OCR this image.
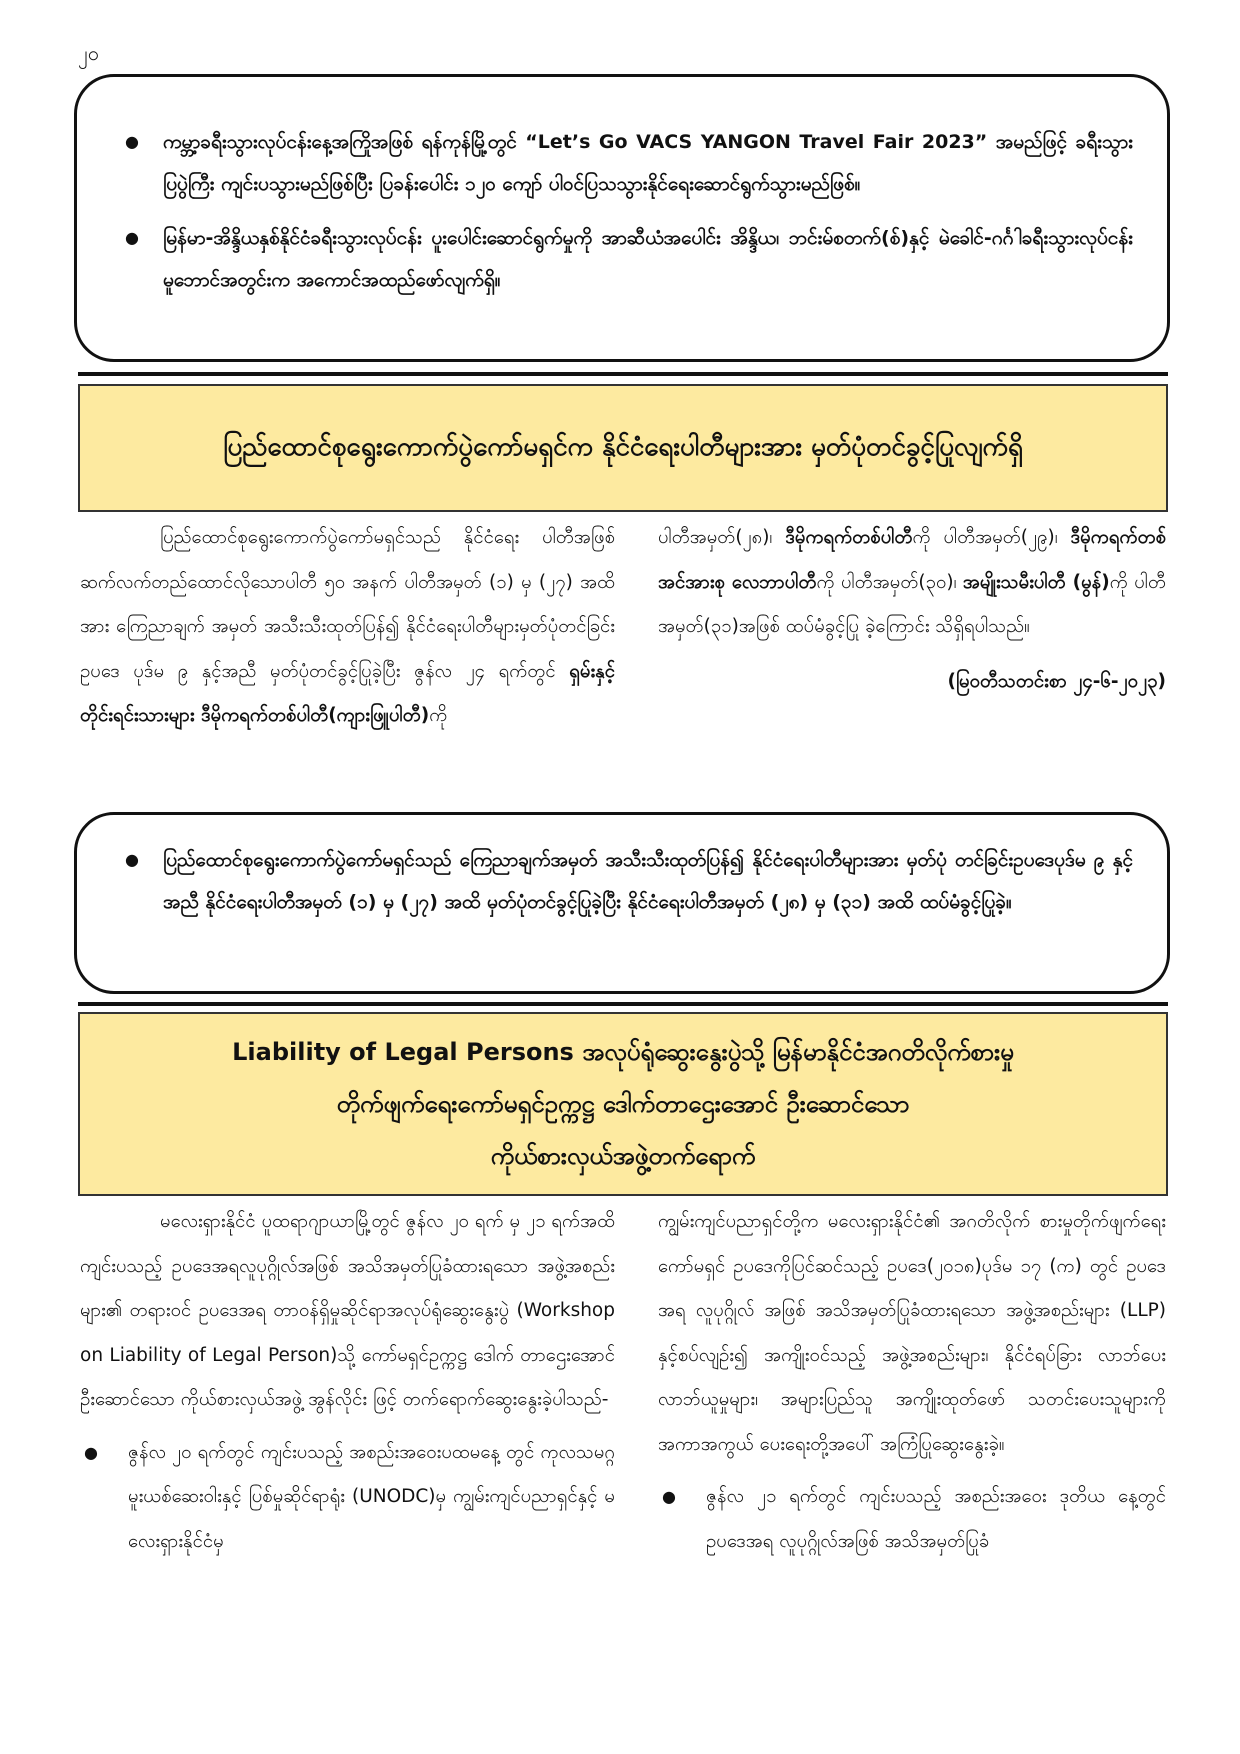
၂၀
● ကမ္ဘာ့ခရီးသွားလုပ်ငန်းနေ့အကြိုအဖြစ် ရန်ကုန်မြို့တွင် “Let’s Go VACS YANGON Travel Fair 2023” အမည်ဖြင့် ခရီးသွားပြပွဲကြီး ကျင်းပသွားမည်ဖြစ်ပြီး ပြခန်းပေါင်း ၁၂၀ ကျော် ပါဝင်ပြသသွားနိုင်ရေးဆောင်ရွက်သွားမည်ဖြစ်။
● မြန်မာ-အိန္ဒိယနှစ်နိုင်ငံခရီးသွားလုပ်ငန်း ပူးပေါင်းဆောင်ရွက်မှုကို အာဆီယံအပေါင်း အိန္ဒိယ၊ ဘင်းမ်စတက်(စ်)နှင့် မဲခေါင်-ဂင်္ဂါခရီးသွားလုပ်ငန်း မူဘောင်အတွင်းက အကောင်အထည်ဖော်လျက်ရှိ။
ပြည်ထောင်စုရွေးကောက်ပွဲကော်မရှင်က နိုင်ငံရေးပါတီများအား မှတ်ပုံတင်ခွင့်ပြုလျက်ရှိ

ပြည်ထောင်စုရွေးကောက်ပွဲကော်မရှင်သည် နိုင်ငံရေး ပါတီအဖြစ် ဆက်လက်တည်ထောင်လိုသောပါတီ ၅၀ အနက် ပါတီအမှတ် (၁) မှ (၂၇) အထိအား ကြေညာချက် အမှတ် အသီးသီးထုတ်ပြန်၍ နိုင်ငံရေးပါတီများမှတ်ပုံတင်ခြင်း ဥပဒေ ပုဒ်မ ၉ နှင့်အညီ မှတ်ပုံတင်ခွင့်ပြုခဲ့ပြီး ဇွန်လ ၂၄ ရက်တွင် ရှမ်းနှင့်တိုင်းရင်းသားများ ဒီမိုကရက်တစ်ပါတီ(ကျားဖြူပါတီ)ကို

ပါတီအမှတ်(၂၈)၊ ဒီမိုကရက်တစ်ပါတီကို ပါတီအမှတ်(၂၉)၊ ဒီမိုကရက်တစ်အင်အားစု လေဘာပါတီကို ပါတီအမှတ်(၃၀)၊ အမျိုးသမီးပါတီ (မွန်)ကို ပါတီအမှတ်(၃၁)အဖြစ် ထပ်မံခွင့်ပြု ခဲ့ကြောင်း သိရှိရပါသည်။

(မြဝတီသတင်းစာ ၂၄-၆-၂၀၂၃)

● ပြည်ထောင်စုရွေးကောက်ပွဲကော်မရှင်သည် ကြေညာချက်အမှတ် အသီးသီးထုတ်ပြန်၍ နိုင်ငံရေးပါတီများအား မှတ်ပုံ တင်ခြင်းဥပဒေပုဒ်မ ၉ နှင့်အညီ နိုင်ငံရေးပါတီအမှတ် (၁) မှ (၂၇) အထိ မှတ်ပုံတင်ခွင့်ပြုခဲ့ပြီး နိုင်ငံရေးပါတီအမှတ် (၂၈) မှ (၃၁) အထိ ထပ်မံခွင့်ပြုခဲ့။
Liability of Legal Persons အလုပ်ရုံဆွေးနွေးပွဲသို့ မြန်မာနိုင်ငံအဂတိလိုက်စားမှု
တိုက်ဖျက်ရေးကော်မရှင်ဥက္ကဋ္ဌ ဒေါက်တာဌေးအောင် ဦးဆောင်သော
ကိုယ်စားလှယ်အဖွဲ့တက်ရောက်

မလေးရှားနိုင်ငံ ပူထရာဂျာယာမြို့တွင် ဇွန်လ ၂၀ ရက် မှ ၂၁ ရက်အထိ ကျင်းပသည့် ဥပဒေအရလူပုဂ္ဂိုလ်အဖြစ် အသိအမှတ်ပြုခံထားရသော အဖွဲ့အစည်းများ၏ တရားဝင် ဥပဒေအရ တာဝန်ရှိမှုဆိုင်ရာအလုပ်ရုံဆွေးနွေးပွဲ (Workshop on Liability of Legal Person)သို့ ကော်မရှင်ဥက္ကဋ္ဌ ဒေါက် တာဌေးအောင် ဦးဆောင်သော ကိုယ်စားလှယ်အဖွဲ့ အွန်လိုင်း ဖြင့် တက်ရောက်ဆွေးနွေးခဲ့ပါသည်-

● ဇွန်လ ၂၀ ရက်တွင် ကျင်းပသည့် အစည်းအဝေးပထမနေ့ တွင် ကုလသမဂ္ဂမူးယစ်ဆေးဝါးနှင့် ပြစ်မှုဆိုင်ရာရုံး (UNODC)မှ ကျွမ်းကျင်ပညာရှင်နှင့် မလေးရှားနိုင်ငံမှ

ကျွမ်းကျင်ပညာရှင်တို့က မလေးရှားနိုင်ငံ၏ အဂတိလိုက် စားမှုတိုက်ဖျက်ရေးကော်မရှင် ဥပဒေကိုပြင်ဆင်သည့် ဥပဒေ(၂၀၁၈)ပုဒ်မ ၁၇ (က) တွင် ဥပဒေအရ လူပုဂ္ဂိုလ် အဖြစ် အသိအမှတ်ပြုခံထားရသော အဖွဲ့အစည်းများ (LLP) နှင့်စပ်လျဉ်း၍ အကျိုးဝင်သည့် အဖွဲ့အစည်းများ၊ နိုင်ငံရပ်ခြား လာဘ်ပေးလာဘ်ယူမှုများ၊ အများပြည်သူ အကျိုးထုတ်ဖော် သတင်းပေးသူများကို အကာအကွယ် ပေးရေးတို့အပေါ် အကြံပြုဆွေးနွေးခဲ့။

● ဇွန်လ ၂၁ ရက်တွင် ကျင်းပသည့် အစည်းအဝေး ဒုတိယ နေ့တွင် ဥပဒေအရ လူပုဂ္ဂိုလ်အဖြစ် အသိအမှတ်ပြုခံ
